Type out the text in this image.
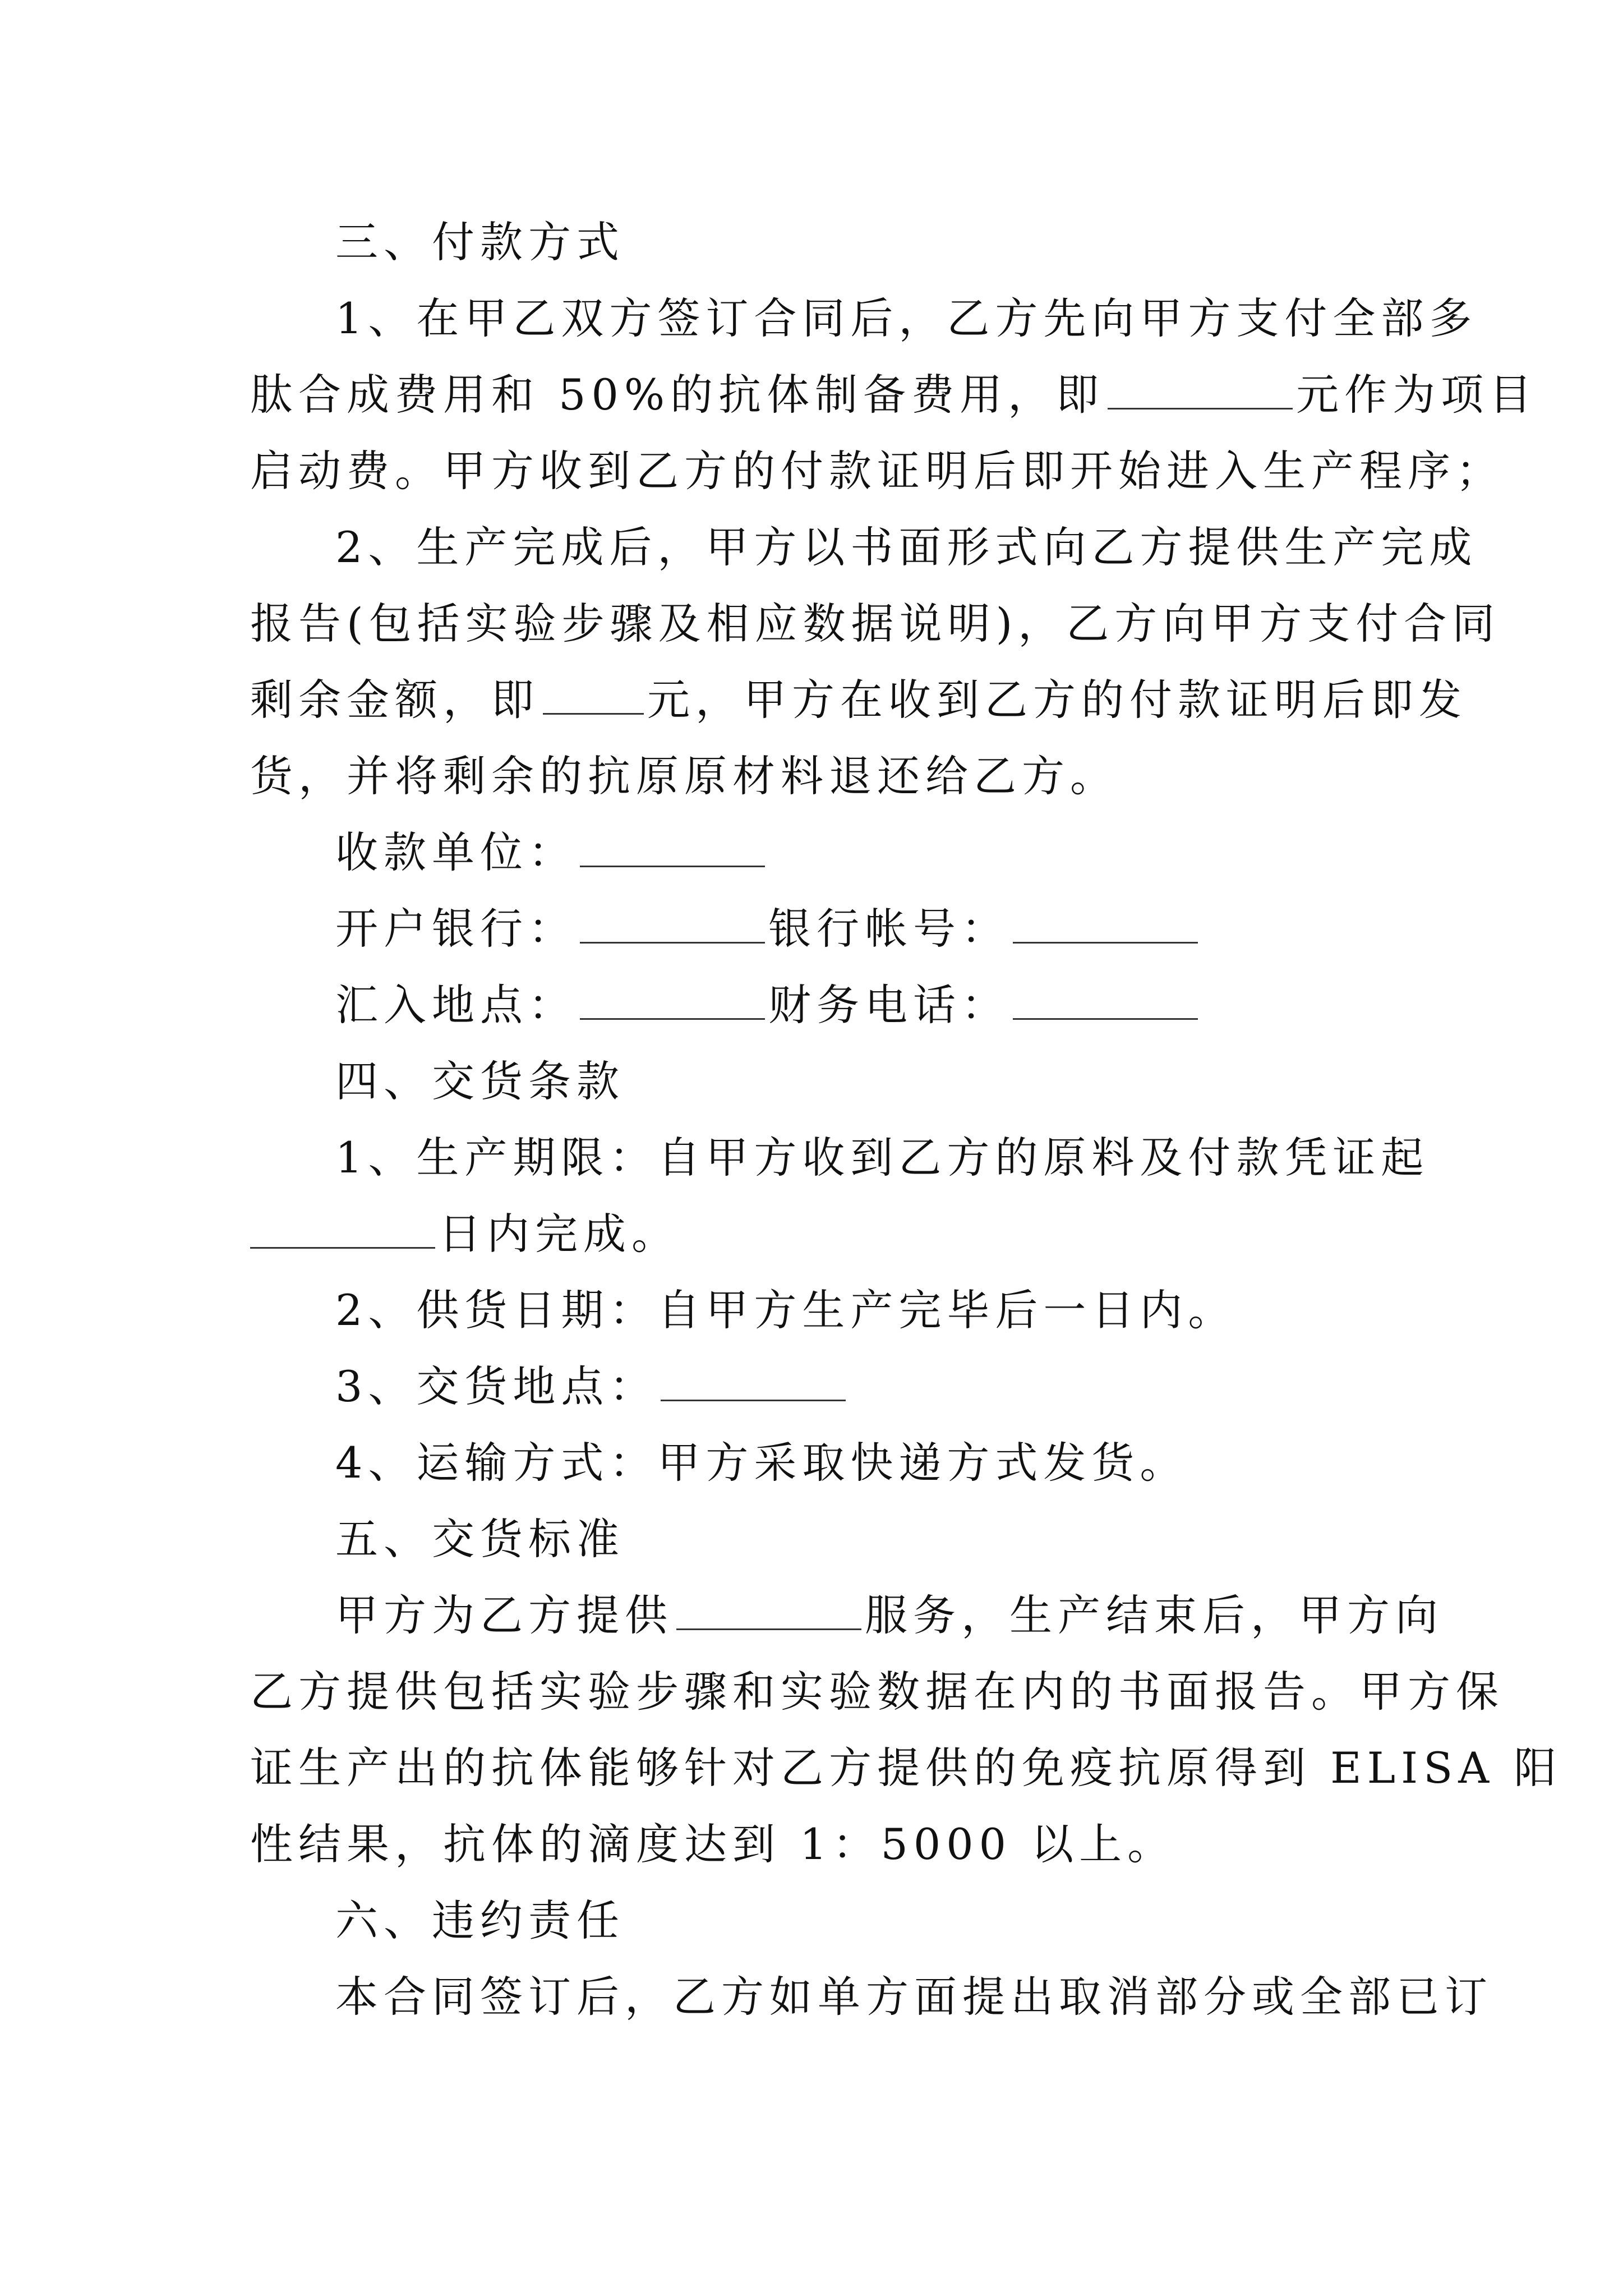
三、付款方式
1、在甲乙双方签订合同后，乙方先向甲方支付全部多
肽合成费用和 50%的抗体制备费用，即	元作为项目
启动费。甲方收到乙方的付款证明后即开始进入生产程序；
2、生产完成后，甲方以书面形式向乙方提供生产完成
报告(包括实验步骤及相应数据说明)，乙方向甲方支付合同
剩余金额，即	元，甲方在收到乙方的付款证明后即发
货，并将剩余的抗原原材料退还给乙方。
收款单位：
开户银行：	银行帐号：
汇入地点：	财务电话：
四、交货条款
1、生产期限：自甲方收到乙方的原料及付款凭证起
日内完成。
2、供货日期：自甲方生产完毕后一日内。
3、交货地点：
4、运输方式：甲方采取快递方式发货。
五、交货标准
甲方为乙方提供	服务，生产结束后，甲方向
乙方提供包括实验步骤和实验数据在内的书面报告。甲方保
证生产出的抗体能够针对乙方提供的免疫抗原得到 ELISA 阳
性结果，抗体的滴度达到 1：5000 以上。
六、违约责任
本合同签订后，乙方如单方面提出取消部分或全部已订
